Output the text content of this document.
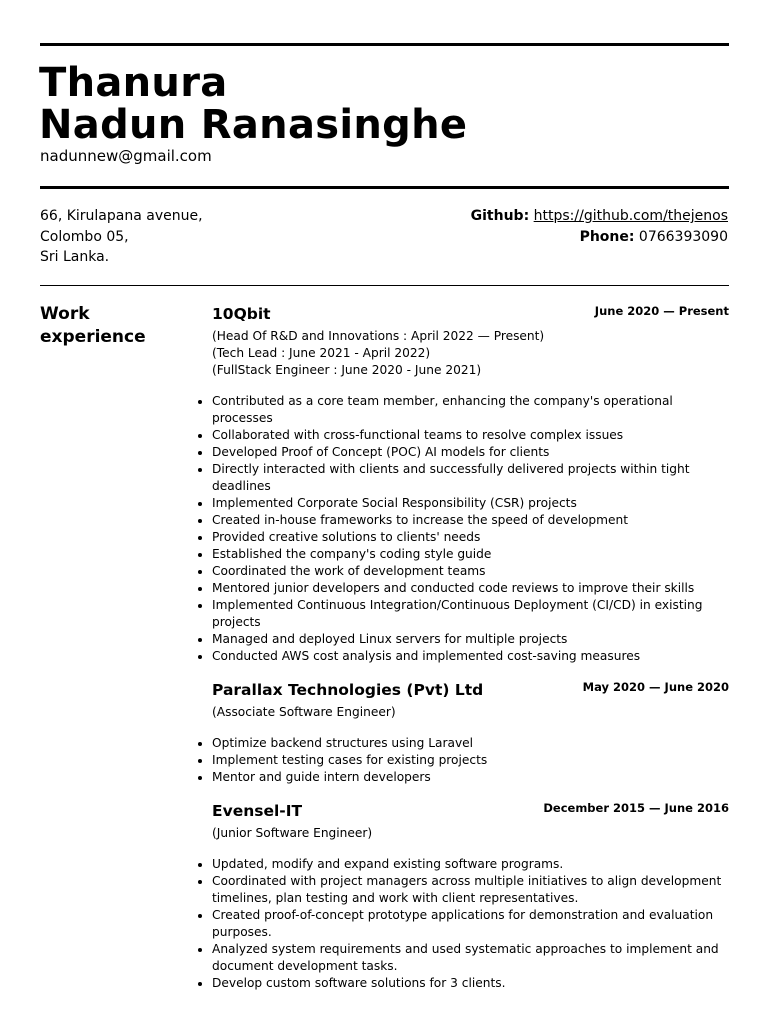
Thanura
Nadun Ranasinghe
nadunnew@gmail.com
66, Kirulapana avenue,
Colombo 05,
Sri Lanka.
Github: https://github.com/thejenos
Phone: 0766393090
Work
experience
10Qbit	June 2020 — Present
(Head Of R&D and Innovations : April 2022 — Present)
(Tech Lead : June 2021 - April 2022)
(FullStack Engineer : June 2020 - June 2021)
• Contributed as a core team member, enhancing the company's operational processes
• Collaborated with cross-functional teams to resolve complex issues
• Developed Proof of Concept (POC) AI models for clients
• Directly interacted with clients and successfully delivered projects within tight deadlines
• Implemented Corporate Social Responsibility (CSR) projects
• Created in-house frameworks to increase the speed of development
• Provided creative solutions to clients' needs
• Established the company's coding style guide
• Coordinated the work of development teams
• Mentored junior developers and conducted code reviews to improve their skills
• Implemented Continuous Integration/Continuous Deployment (CI/CD) in existing projects
• Managed and deployed Linux servers for multiple projects
• Conducted AWS cost analysis and implemented cost-saving measures
Parallax Technologies (Pvt) Ltd	May 2020 — June 2020
(Associate Software Engineer)
• Optimize backend structures using Laravel
• Implement testing cases for existing projects
• Mentor and guide intern developers
Evensel-IT	December 2015 — June 2016
(Junior Software Engineer)
• Updated, modify and expand existing software programs.
• Coordinated with project managers across multiple initiatives to align development timelines, plan testing and work with client representatives.
• Created proof-of-concept prototype applications for demonstration and evaluation purposes.
• Analyzed system requirements and used systematic approaches to implement and document development tasks.
• Develop custom software solutions for 3 clients.
